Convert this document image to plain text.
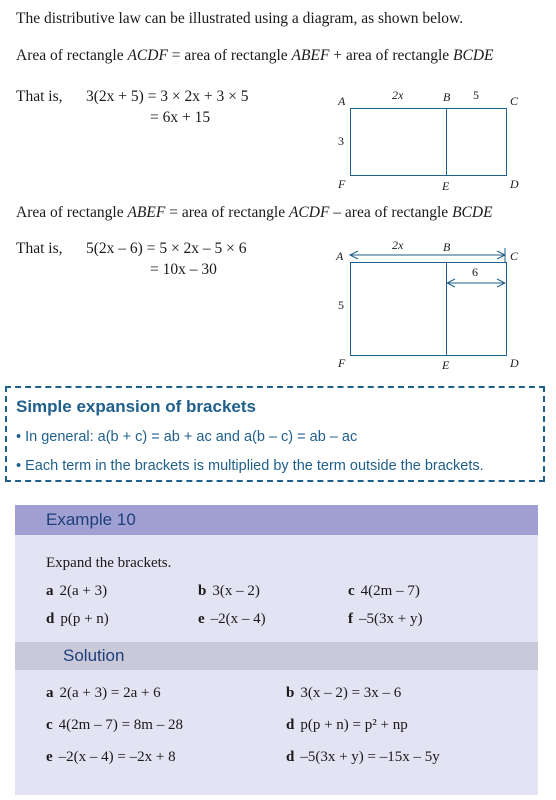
The distributive law can be illustrated using a diagram, as shown below.
Area of rectangle ACDF = area of rectangle ABEF + area of rectangle BCDE
That is, 3(2x + 5) = 3 × 2x + 3 × 5
= 6x + 15
A	2x	B 5	C
3
F	E	D
Area of rectangle ABEF = area of rectangle ACDF – area of rectangle BCDE
That is, 5(2x – 6) = 5 × 2x – 5 × 6
= 10x – 30
A
2x	B
C
6
5
F	E	D
Simple expansion of brackets
• In general: a(b + c) = ab + ac and a(b – c) = ab – ac
• Each term in the brackets is multiplied by the term outside the brackets.
Example 10
Expand the brackets.
a 2(a + 3)	b 3(x – 2)	c 4(2m – 7)
d p(p + n)	e –2(x – 4)	f –5(3x + y)
Solution
a 2(a + 3) = 2a + 6	b 3(x – 2) = 3x – 6
c 4(2m – 7) = 8m – 28	d p(p + n) = p² + np
e –2(x – 4) = –2x + 8	d –5(3x + y) = –15x – 5y
